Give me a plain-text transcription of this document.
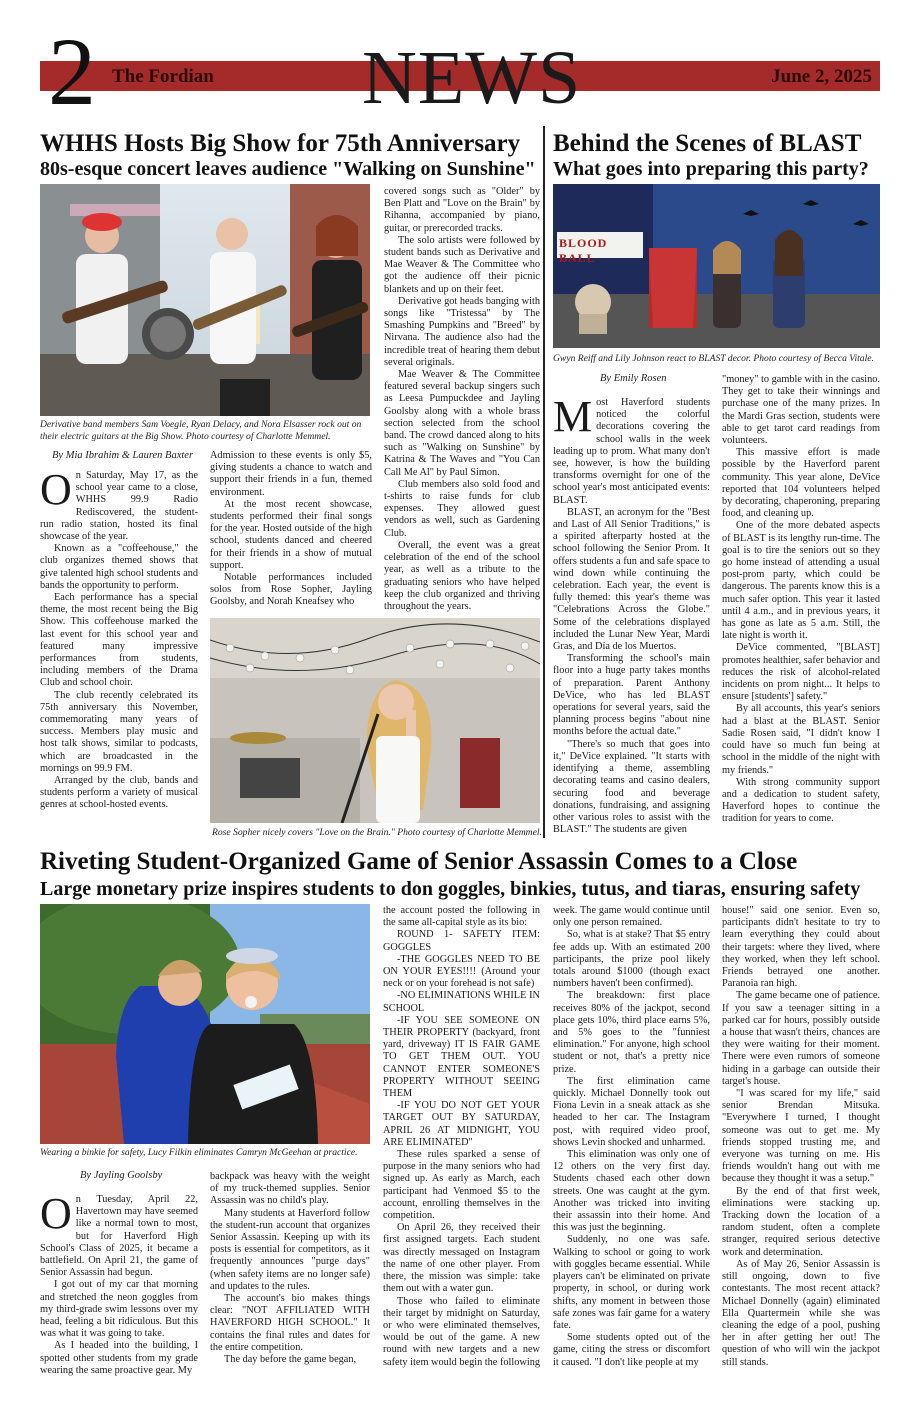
2 The Fordian NEWS	June 2, 2025
WHHS Hosts Big Show for 75th Anniversary
80s-esque concert leaves audience "Walking on Sunshine"
Derivative band members Sam Voegle, Ryan Delacy, and Nora Elsasser rock out on their electric guitars at the Big Show. Photo courtesy of Charlotte Memmel.
By Mia Ibrahim & Lauren Baxter

On Saturday, May 17, as the school year came to a close, WHHS 99.9 Radio Rediscovered, the student-run radio station, hosted its final showcase of the year.

Known as a "coffeehouse," the club organizes themed shows that give talented high school students and bands the opportunity to perform.

Each performance has a special theme, the most recent being the Big Show. This coffeehouse marked the last event for this school year and featured many impressive performances from students, including members of the Drama Club and school choir.

The club recently celebrated its 75th anniversary this November, commemorating many years of success. Members play music and host talk shows, similar to podcasts, which are broadcasted in the mornings on 99.9 FM.

Arranged by the club, bands and students perform a variety of musical genres at school-hosted events.

Admission to these events is only $5, giving students a chance to watch and support their friends in a fun, themed environment.

At the most recent showcase, students performed their final songs for the year. Hosted outside of the high school, students danced and cheered for their friends in a show of mutual support.

Notable performances included solos from Rose Sopher, Jayling Goolsby, and Norah Kneafsey who

covered songs such as "Older" by Ben Platt and "Love on the Brain" by Rihanna, accompanied by piano, guitar, or prerecorded tracks.

The solo artists were followed by student bands such as Derivative and Mae Weaver & The Committee who got the audience off their picnic blankets and up on their feet.

Derivative got heads banging with songs like "Tristessa" by The Smashing Pumpkins and "Breed" by Nirvana. The audience also had the incredible treat of hearing them debut several originals.

Mae Weaver & The Committee featured several backup singers such as Leesa Pumpuckdee and Jayling Goolsby along with a whole brass section selected from the school band. The crowd danced along to hits such as "Walking on Sunshine" by Katrina & The Waves and "You Can Call Me Al" by Paul Simon.

Club members also sold food and t-shirts to raise funds for club expenses. They allowed guest vendors as well, such as Gardening Club.

Overall, the event was a great celebration of the end of the school year, as well as a tribute to the graduating seniors who have helped keep the club organized and thriving throughout the years.

Rose Sopher nicely covers "Love on the Brain." Photo courtesy of Charlotte Memmel.
Behind the Scenes of BLAST
What goes into preparing this party?
BLOOD BALL
Gwyn Reiff and Lily Johnson react to BLAST decor. Photo courtesy of Becca Vitale.
By Emily Rosen

Most Haverford students noticed the colorful decorations covering the school walls in the week leading up to prom. What many don't see, however, is how the building transforms overnight for one of the school year's most anticipated events: BLAST.

BLAST, an acronym for the "Best and Last of All Senior Traditions," is a spirited afterparty hosted at the school following the Senior Prom. It offers students a fun and safe space to wind down while continuing the celebration. Each year, the event is fully themed: this year's theme was "Celebrations Across the Globe." Some of the celebrations displayed included the Lunar New Year, Mardi Gras, and Día de los Muertos.

Transforming the school's main floor into a huge party takes months of preparation. Parent Anthony DeVice, who has led BLAST operations for several years, said the planning process begins "about nine months before the actual date."

"There's so much that goes into it," DeVice explained. "It starts with identifying a theme, assembling decorating teams and casino dealers, securing food and beverage donations, fundraising, and assigning other various roles to assist with the BLAST." The students are given

"money" to gamble with in the casino. They get to take their winnings and purchase one of the many prizes. In the Mardi Gras section, students were able to get tarot card readings from volunteers.

This massive effort is made possible by the Haverford parent community. This year alone, DeVice reported that 104 volunteers helped by decorating, chaperoning, preparing food, and cleaning up.

One of the more debated aspects of BLAST is its lengthy run-time. The goal is to tire the seniors out so they go home instead of attending a usual post-prom party, which could be dangerous. The parents know this is a much safer option. This year it lasted until 4 a.m., and in previous years, it has gone as late as 5 a.m. Still, the late night is worth it.

DeVice commented, "[BLAST] promotes healthier, safer behavior and reduces the risk of alcohol-related incidents on prom night... It helps to ensure [students'] safety."

By all accounts, this year's seniors had a blast at the BLAST. Senior Sadie Rosen said, "I didn't know I could have so much fun being at school in the middle of the night with my friends."

With strong community support and a dedication to student safety, Haverford hopes to continue the tradition for years to come.

Riveting Student-Organized Game of Senior Assassin Comes to a Close
Large monetary prize inspires students to don goggles, binkies, tutus, and tiaras, ensuring safety
Wearing a binkie for safety, Lucy Filkin eliminates Camryn McGeehan at practice.
By Jayling Goolsby

On Tuesday, April 22, Havertown may have seemed like a normal town to most, but for Haverford High School's Class of 2025, it became a battlefield. On April 21, the game of Senior Assassin had begun.

I got out of my car that morning and stretched the neon goggles from my third-grade swim lessons over my head, feeling a bit ridiculous. But this was what it was going to take.

As I headed into the building, I spotted other students from my grade wearing the same proactive gear. My

backpack was heavy with the weight of my truck-themed supplies. Senior Assassin was no child's play.

Many students at Haverford follow the student-run account that organizes Senior Assassin. Keeping up with its posts is essential for competitors, as it frequently announces "purge days" (when safety items are no longer safe) and updates to the rules.

The account's bio makes things clear: "NOT AFFILIATED WITH HAVERFORD HIGH SCHOOL." It contains the final rules and dates for the entire competition.

The day before the game began,

the account posted the following in the same all-capital style as its bio:

ROUND 1- SAFETY ITEM: GOGGLES

-THE GOGGLES NEED TO BE ON YOUR EYES!!!! (Around your neck or on your forehead is not safe)

-NO ELIMINATIONS WHILE IN SCHOOL

-IF YOU SEE SOMEONE ON THEIR PROPERTY (backyard, front yard, driveway) IT IS FAIR GAME TO GET THEM OUT. YOU CANNOT ENTER SOMEONE'S PROPERTY WITHOUT SEEING THEM

-IF YOU DO NOT GET YOUR TARGET OUT BY SATURDAY, APRIL 26 AT MIDNIGHT, YOU ARE ELIMINATED"

These rules sparked a sense of purpose in the many seniors who had signed up. As early as March, each participant had Venmoed $5 to the account, enrolling themselves in the competition.

On April 26, they received their first assigned targets. Each student was directly messaged on Instagram the name of one other player. From there, the mission was simple: take them out with a water gun.

Those who failed to eliminate their target by midnight on Saturday, or who were eliminated themselves, would be out of the game. A new round with new targets and a new safety item would begin the following

week. The game would continue until only one person remained.

So, what is at stake? That $5 entry fee adds up. With an estimated 200 participants, the prize pool likely totals around $1000 (though exact numbers haven't been confirmed).

The breakdown: first place receives 80% of the jackpot, second place gets 10%, third place earns 5%, and 5% goes to the "funniest elimination." For anyone, high school student or not, that's a pretty nice prize.

The first elimination came quickly. Michael Donnelly took out Fiona Levin in a sneak attack as she headed to her car. The Instagram post, with required video proof, shows Levin shocked and unharmed.

This elimination was only one of 12 others on the very first day. Students chased each other down streets. One was caught at the gym. Another was tricked into inviting their assassin into their home. And this was just the beginning.

Suddenly, no one was safe. Walking to school or going to work with goggles became essential. While players can't be eliminated on private property, in school, or during work shifts, any moment in between those safe zones was fair game for a watery fate.

Some students opted out of the game, citing the stress or discomfort it caused. "I don't like people at my

house!" said one senior. Even so, participants didn't hesitate to try to learn everything they could about their targets: where they lived, where they worked, when they left school. Friends betrayed one another. Paranoia ran high.

The game became one of patience. If you saw a teenager sitting in a parked car for hours, possibly outside a house that wasn't theirs, chances are they were waiting for their moment. There were even rumors of someone hiding in a garbage can outside their target's house.

"I was scared for my life," said senior Brendan Mitsuka. "Everywhere I turned, I thought someone was out to get me. My friends stopped trusting me, and everyone was turning on me. His friends wouldn't hang out with me because they thought it was a setup."

By the end of that first week, eliminations were stacking up. Tracking down the location of a random student, often a complete stranger, required serious detective work and determination.

As of May 26, Senior Assassin is still ongoing, down to five contestants. The most recent attack? Michael Donnelly (again) eliminated Ella Quartermein while she was cleaning the edge of a pool, pushing her in after getting her out! The question of who will win the jackpot still stands.
